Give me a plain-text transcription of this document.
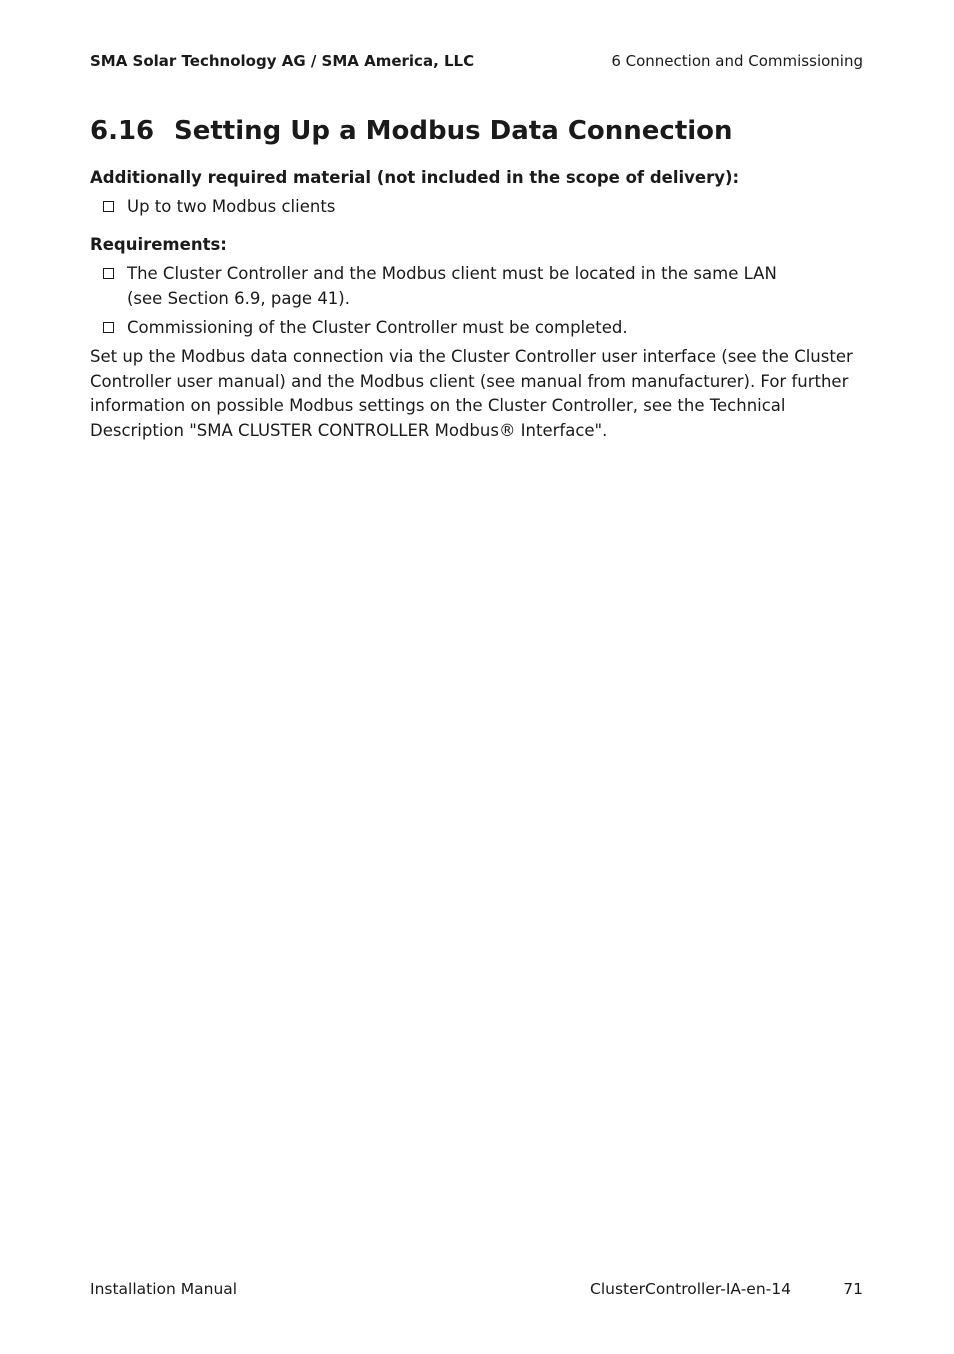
SMA Solar Technology AG / SMA America, LLC	6 Connection and Commissioning
6.16 Setting Up a Modbus Data Connection

Additionally required material (not included in the scope of delivery):

Up to two Modbus clients

Requirements:

The Cluster Controller and the Modbus client must be located in the same LAN (see Section 6.9, page 41).
Commissioning of the Cluster Controller must be completed.

Set up the Modbus data connection via the Cluster Controller user interface (see the Cluster Controller user manual) and the Modbus client (see manual from manufacturer). For further information on possible Modbus settings on the Cluster Controller, see the Technical Description "SMA CLUSTER CONTROLLER Modbus® Interface".

Installation Manual	ClusterController-IA-en-14	71
